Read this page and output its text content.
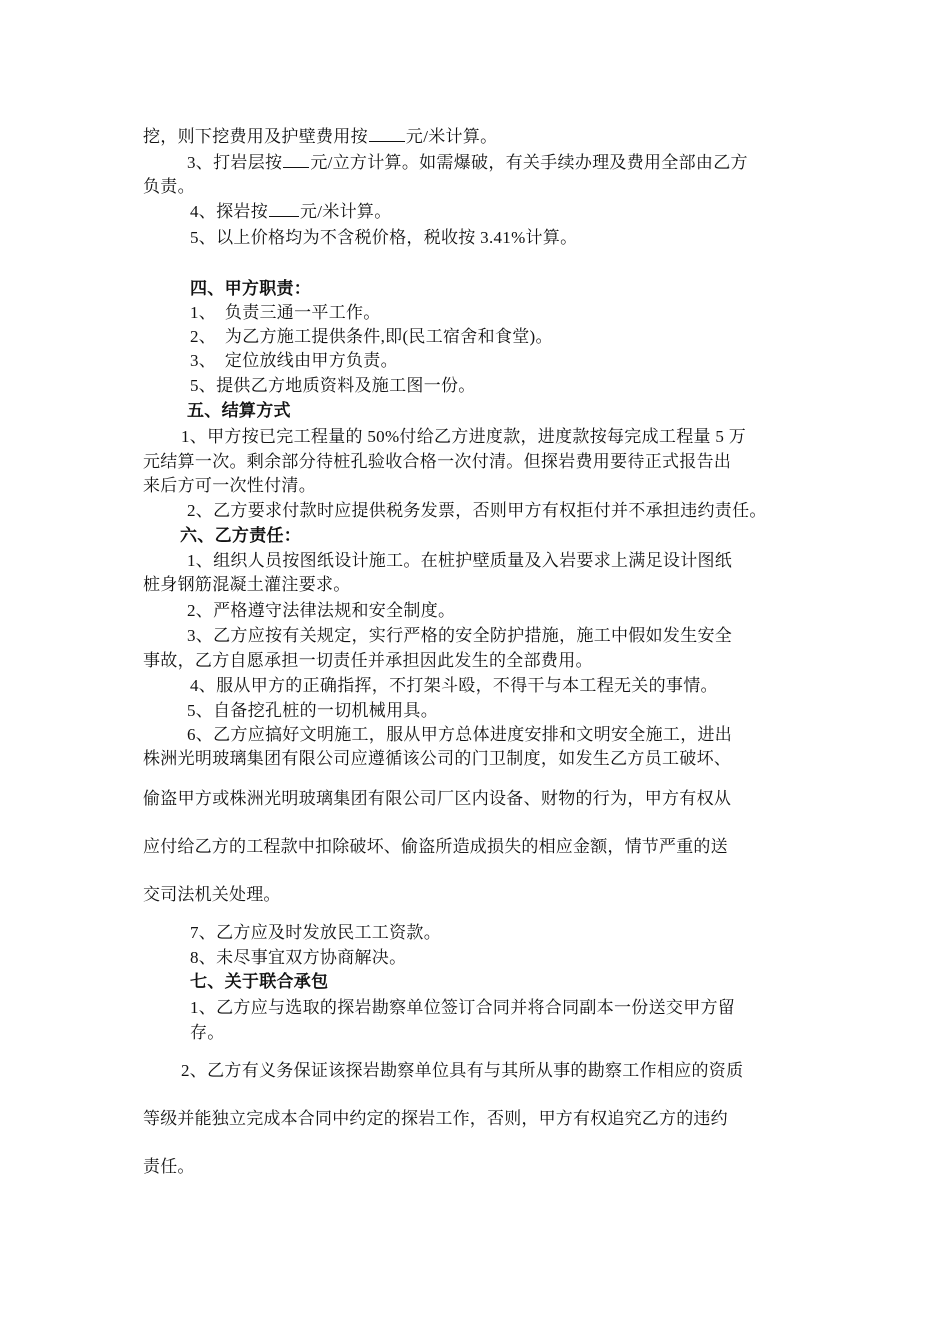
挖，则下挖费用及护壁费用按 元/米计算。
3、打岩层按 元/立方计算。如需爆破，有关手续办理及费用全部由乙方
负责。
4、探岩按 元/米计算。
5、以上价格均为不含税价格，税收按 3.41%计算。
四、甲方职责：
1、　负责三通一平工作。
2、　为乙方施工提供条件,即(民工宿舍和食堂)。
3、　定位放线由甲方负责。
5、提供乙方地质资料及施工图一份。
五、结算方式
1、甲方按已完工程量的 50%付给乙方进度款，进度款按每完成工程量 5 万
元结算一次。剩余部分待桩孔验收合格一次付清。但探岩费用要待正式报告出
来后方可一次性付清。
2、乙方要求付款时应提供税务发票，否则甲方有权拒付并不承担违约责任。
六、乙方责任：
1、组织人员按图纸设计施工。在桩护壁质量及入岩要求上满足设计图纸
桩身钢筋混凝土灌注要求。
2、严格遵守法律法规和安全制度。
3、乙方应按有关规定，实行严格的安全防护措施，施工中假如发生安全
事故，乙方自愿承担一切责任并承担因此发生的全部费用。
4、服从甲方的正确指挥，不打架斗殴，不得干与本工程无关的事情。
5、自备挖孔桩的一切机械用具。
6、乙方应搞好文明施工，服从甲方总体进度安排和文明安全施工，进出
株洲光明玻璃集团有限公司应遵循该公司的门卫制度，如发生乙方员工破坏、
偷盗甲方或株洲光明玻璃集团有限公司厂区内设备、财物的行为，甲方有权从
应付给乙方的工程款中扣除破坏、偷盗所造成损失的相应金额，情节严重的送
交司法机关处理。
7、乙方应及时发放民工工资款。
8、未尽事宜双方协商解决。
七、关于联合承包
1、乙方应与选取的探岩勘察单位签订合同并将合同副本一份送交甲方留
存。
2、乙方有义务保证该探岩勘察单位具有与其所从事的勘察工作相应的资质
等级并能独立完成本合同中约定的探岩工作，否则，甲方有权追究乙方的违约
责任。
